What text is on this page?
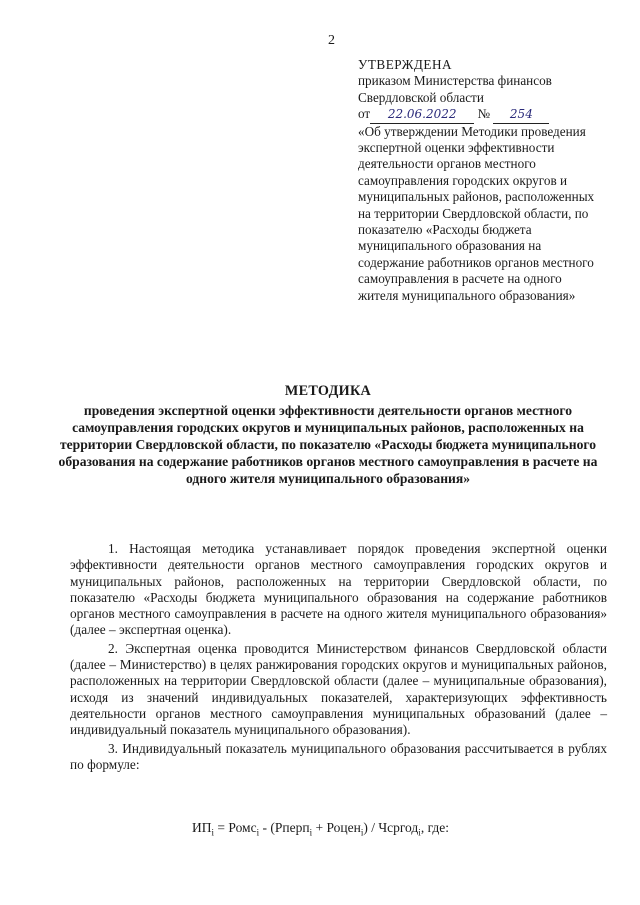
2
УТВЕРЖДЕНА
приказом Министерства финансов
Свердловской области
от 22.06.2022 № 254
«Об утверждении Методики проведения экспертной оценки эффективности деятельности органов местного самоуправления городских округов и муниципальных районов, расположенных на территории Свердловской области, по показателю «Расходы бюджета муниципального образования на содержание работников органов местного самоуправления в расчете на одного жителя муниципального образования»
МЕТОДИКА
проведения экспертной оценки эффективности деятельности органов местного самоуправления городских округов и муниципальных районов, расположенных на территории Свердловской области, по показателю «Расходы бюджета муниципального образования на содержание работников органов местного самоуправления в расчете на одного жителя муниципального образования»

1. Настоящая методика устанавливает порядок проведения экспертной оценки эффективности деятельности органов местного самоуправления городских округов и муниципальных районов, расположенных на территории Свердловской области, по показателю «Расходы бюджета муниципального образования на содержание работников органов местного самоуправления в расчете на одного жителя муниципального образования» (далее – экспертная оценка).

2. Экспертная оценка проводится Министерством финансов Свердловской области (далее – Министерство) в целях ранжирования городских округов и муниципальных районов, расположенных на территории Свердловской области (далее – муниципальные образования), исходя из значений индивидуальных показателей, характеризующих эффективность деятельности органов местного самоуправления муниципальных образований (далее – индивидуальный показатель муниципального образования).

3. Индивидуальный показатель муниципального образования рассчитывается в рублях по формуле:

$ИП_i$ = Ромс$_i$ - (Рперп$_i$ + Роцен$_i$) / Чсргод$_i$, где:
